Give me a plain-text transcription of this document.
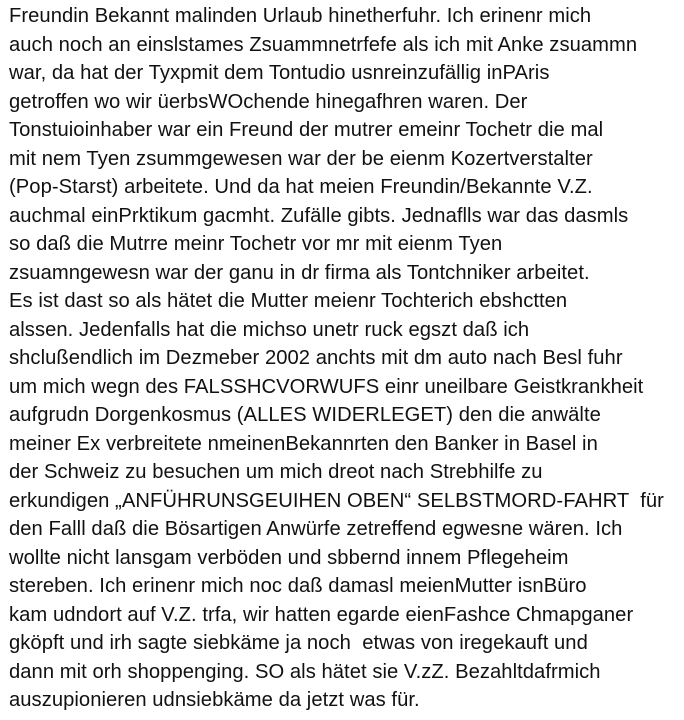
Freundin Bekannt malinden Urlaub hinetherfuhr. Ich erinenr mich
auch noch an einslstames Zsuammnetrfefe als ich mit Anke zsuammn
war, da hat der Tyxpmit dem Tontudio usnreinzufällig inPAris
getroffen wo wir üerbsWOchende hinegafhren waren. Der
Tonstuioinhaber war ein Freund der mutrer emeinr Tochetr die mal
mit nem Tyen zsummgewesen war der be eienm Kozertverstalter
(Pop-Starst) arbeitete. Und da hat meien Freundin/Bekannte V.Z.
auchmal einPrktikum gacmht. Zufälle gibts. Jednaflls war das dasmls
so daß die Mutrre meinr Tochetr vor mr mit eienm Tyen
zsuamngewesn war der ganu in dr firma als Tontchniker arbeitet.
Es ist dast so als hätet die Mutter meienr Tochterich ebshctten
alssen. Jedenfalls hat die michso unetr ruck egszt daß ich
shclußendlich im Dezmeber 2002 anchts mit dm auto nach Besl fuhr
um mich wegn des FALSSHCVORWUFS einr uneilbare Geistkrankheit
aufgrudn Dorgenkosmus (ALLES WIDERLEGET) den die anwälte
meiner Ex verbreitete nmeinenBekannrten den Banker in Basel in
der Schweiz zu besuchen um mich dreot nach Strebhilfe zu
erkundigen „ANFÜHRUNSGEUIHEN OBEN“ SELBSTMORD-FAHRT  für
den Falll daß die Bösartigen Anwürfe zetreffend egwesne wären. Ich
wollte nicht lansgam verböden und sbbernd innem Pflegeheim
stereben. Ich erinenr mich noc daß damasl meienMutter isnBüro
kam udndort auf V.Z. trfa, wir hatten egarde eienFashce Chmapganer
gköpft und irh sagte siebkäme ja noch  etwas von iregekauft und
dann mit orh shoppenging. SO als hätet sie V.zZ. Bezahltdafrmich
auszupionieren udnsiebkäme da jetzt was für.
